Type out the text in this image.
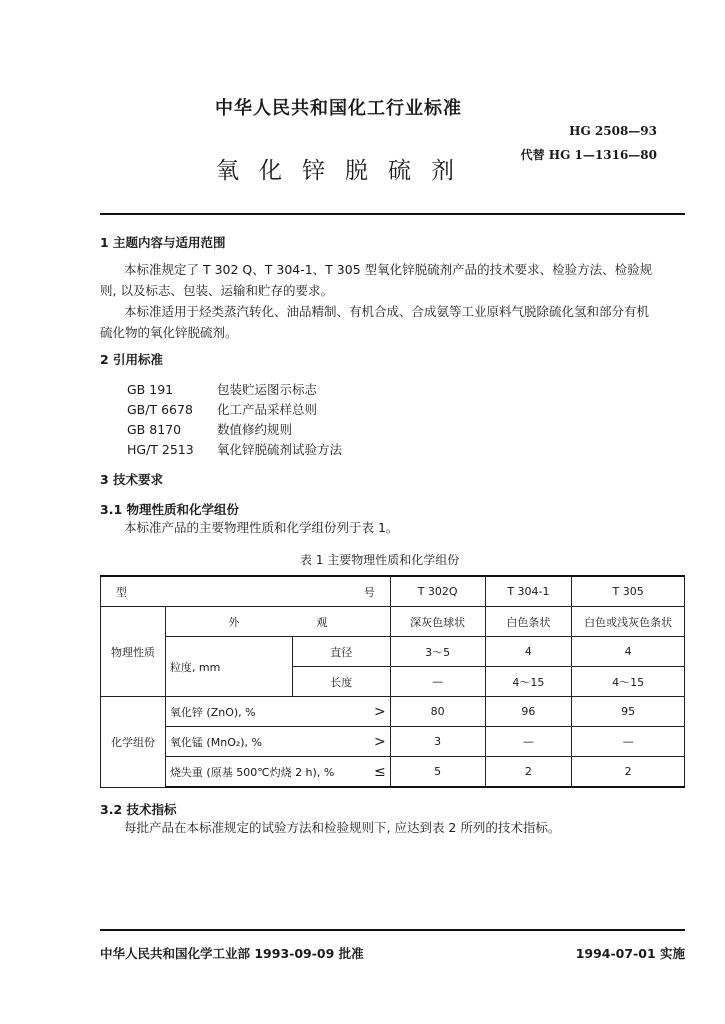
中华人民共和国化工行业标准
HG 2508—93
代替 HG 1—1316—80
氧化锌脱硫剂
1 主题内容与适用范围
本标准规定了 T 302 Q、T 304-1、T 305 型氧化锌脱硫剂产品的技术要求、检验方法、检验规
则, 以及标志、包装、运输和贮存的要求。
本标准适用于烃类蒸汽转化、油品精制、有机合成、合成氨等工业原料气脱除硫化氢和部分有机
硫化物的氧化锌脱硫剂。
2 引用标准
GB 191	包装贮运图示标志
GB/T 6678 化工产品采样总则
GB 8170	数值修约规则
HG/T 2513 氧化锌脱硫剂试验方法
3 技术要求
3.1 物理性质和化学组份
本标准产品的主要物理性质和化学组份列于表 1。
表 1 主要物理性质和化学组份
型 号			T 302Q	T 304-1	T 305
物理性质	外 观		深灰色球状	白色条状	白色或浅灰色条状
	粒度, mm	直径	3～5	4	4
		长度	—	4～15	4～15
化学组份	氧化锌 (ZnO), % >		80	96	95
	氧化锰 (MnO₂), % >		3	—	—
	烧失重 (原基 500℃灼烧 2 h), % ≤		5	2	2
3.2 技术指标
每批产品在本标准规定的试验方法和检验规则下, 应达到表 2 所列的技术指标。
中华人民共和国化学工业部 1993-09-09 批准	1994-07-01 实施
